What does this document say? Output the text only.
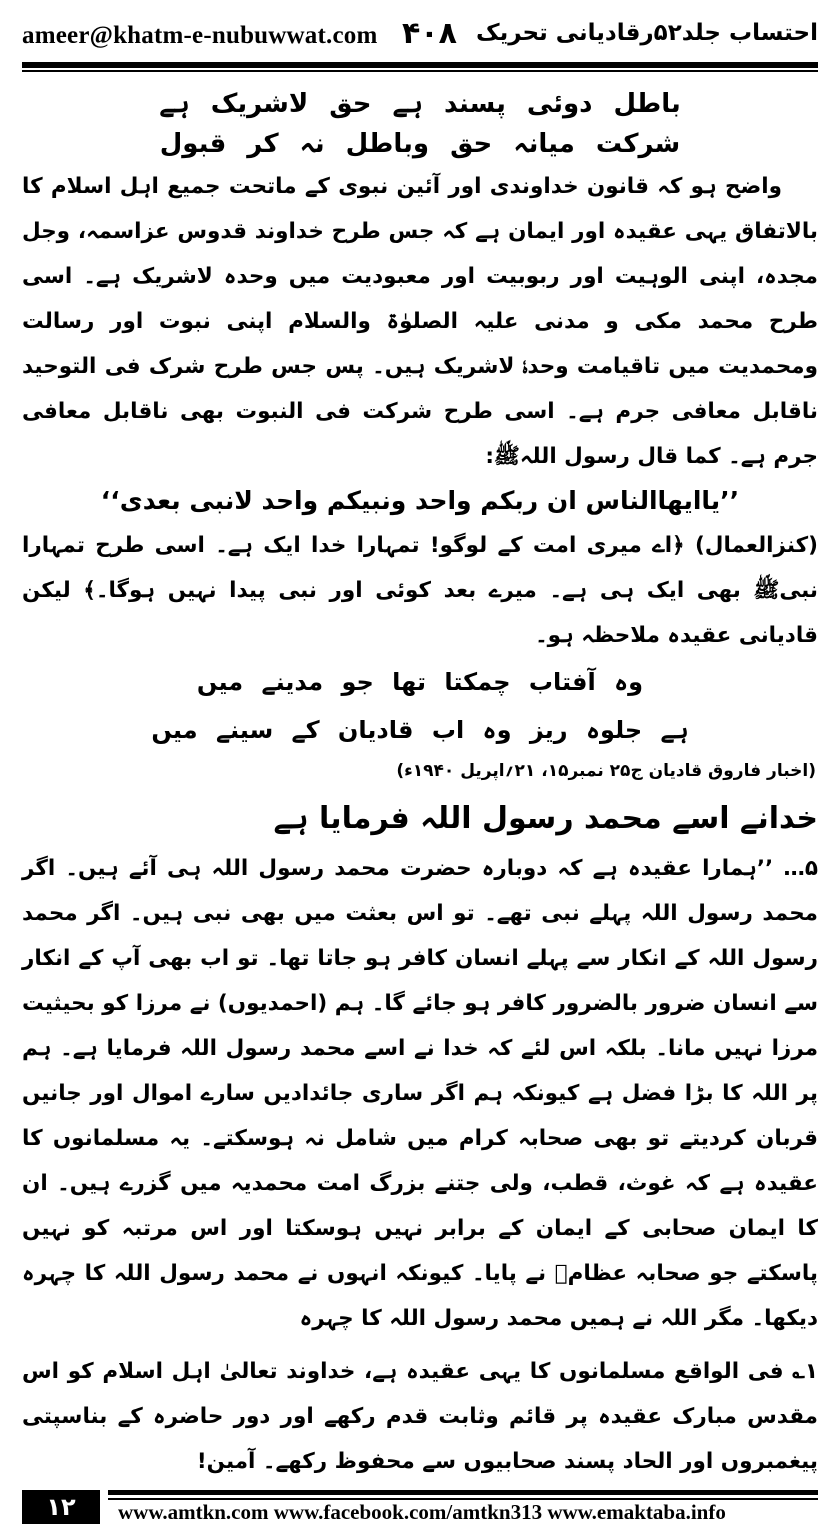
ameer@khatm-e-nubuwwat.com ۴۰۸ احتساب جلد۵۲رقادیانی تحریک
باطل دوئی پسند ہے حق لاشریک ہے
شرکت میانہ حق وباطل نہ کر قبول

واضح ہو کہ قانون خداوندی اور آئین نبوی کے ماتحت جمیع اہل اسلام کا بالاتفاق یہی عقیدہ اور ایمان ہے کہ جس طرح خداوند قدوس عزاسمہ، وجل مجدہ، اپنی الوہیت اور ربوبیت اور معبودیت میں وحدہ لاشریک ہے۔ اسی طرح محمد مکی و مدنی علیہ الصلوٰۃ والسلام اپنی نبوت اور رسالت ومحمدیت میں تاقیامت وحدہٗ لاشریک ہیں۔ پس جس طرح شرک فی التوحید ناقابل معافی جرم ہے۔ اسی طرح شرکت فی النبوت بھی ناقابل معافی جرم ہے۔ کما قال رسول اللہﷺ:

’’یاایھاالناس ان ربکم واحد ونبیکم واحد لانبی بعدی‘‘

(کنزالعمال) ﴿اے میری امت کے لوگو! تمہارا خدا ایک ہے۔ اسی طرح تمہارا نبیﷺ بھی ایک ہی ہے۔ میرے بعد کوئی اور نبی پیدا نہیں ہوگا۔﴾ لیکن قادیانی عقیدہ ملاحظہ ہو۔

وہ آفتاب چمکتا تھا جو مدینے میں
ہے جلوہ ریز وہ اب قادیان کے سینے میں
(اخبار فاروق قادیان ج۲۵ نمبر۱۵، ۲۱؍اپریل ۱۹۴۰ء)
خدانے اسے محمد رسول اللہ فرمایا ہے

۵… ’’ہمارا عقیدہ ہے کہ دوبارہ حضرت محمد رسول اللہ ہی آئے ہیں۔ اگر محمد رسول اللہ پہلے نبی تھے۔ تو اس بعثت میں بھی نبی ہیں۔ اگر محمد رسول اللہ کے انکار سے پہلے انسان کافر ہو جاتا تھا۔ تو اب بھی آپ کے انکار سے انسان ضرور بالضرور کافر ہو جائے گا۔ ہم (احمدیوں) نے مرزا کو بحیثیت مرزا نہیں مانا۔ بلکہ اس لئے کہ خدا نے اسے محمد رسول اللہ فرمایا ہے۔ ہم پر اللہ کا بڑا فضل ہے کیونکہ ہم اگر ساری جائدادیں سارے اموال اور جانیں قربان کردیتے تو بھی صحابہ کرام میں شامل نہ ہوسکتے۔ یہ مسلمانوں کا عقیدہ ہے کہ غوث، قطب، ولی جتنے بزرگ امت محمدیہ میں گزرے ہیں۔ ان کا ایمان صحابی کے ایمان کے برابر نہیں ہوسکتا اور اس مرتبہ کو نہیں پاسکتے جو صحابہ عظامؓ نے پایا۔ کیونکہ انہوں نے محمد رسول اللہ کا چہرہ دیکھا۔ مگر اللہ نے ہمیں محمد رسول اللہ کا چہرہ

۱؎ فی الواقع مسلمانوں کا یہی عقیدہ ہے، خداوند تعالیٰ اہل اسلام کو اس مقدس مبارک عقیدہ پر قائم وثابت قدم رکھے اور دور حاضرہ کے بناسپتی پیغمبروں اور الحاد پسند صحابیوں سے محفوظ رکھے۔ آمین!

۱۲	www.amtkn.com www.facebook.com/amtkn313 www.emaktaba.info
